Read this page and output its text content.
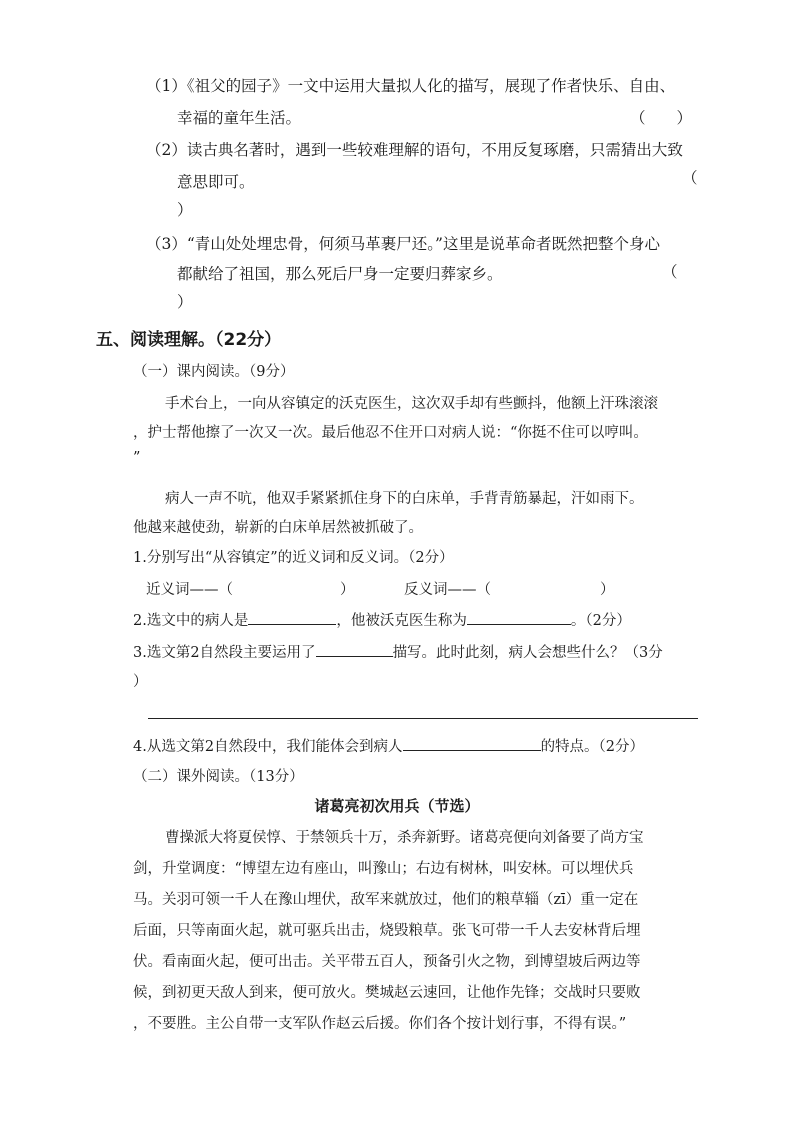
（1）《祖父的园子》一文中运用大量拟人化的描写，展现了作者快乐、自由、
幸福的童年生活。	（　　）
（2）读古典名著时，遇到一些较难理解的语句，不用反复琢磨，只需猜出大致
意思即可。	（
）
（3）“青山处处埋忠骨，何须马革裹尸还。”这里是说革命者既然把整个身心
都献给了祖国，那么死后尸身一定要归葬家乡。	（
）
五、阅读理解。（22分）
（一）课内阅读。（9分）
手术台上，一向从容镇定的沃克医生，这次双手却有些颤抖，他额上汗珠滚滚
，护士帮他擦了一次又一次。最后他忍不住开口对病人说：“你挺不住可以哼叫。
”
病人一声不吭，他双手紧紧抓住身下的白床单，手背青筋暴起，汗如雨下。
他越来越使劲，崭新的白床单居然被抓破了。
1.分别写出“从容镇定”的近义词和反义词。（2分）
近义词——（	）	反义词——（	）
2.选文中的病人是	，他被沃克医生称为	。（2分）
3.选文第2自然段主要运用了	描写。此时此刻，病人会想些什么？（3分
）
4.从选文第2自然段中，我们能体会到病人	的特点。（2分）
（二）课外阅读。（13分）
诸葛亮初次用兵（节选）
曹操派大将夏侯惇、于禁领兵十万，杀奔新野。诸葛亮便向刘备要了尚方宝
剑，升堂调度：“博望左边有座山，叫豫山；右边有树林，叫安林。可以埋伏兵
马。关羽可领一千人在豫山埋伏，敌军来就放过，他们的粮草辎（zī）重一定在
后面，只等南面火起，就可驱兵出击，烧毁粮草。张飞可带一千人去安林背后埋
伏。看南面火起，便可出击。关平带五百人，预备引火之物，到博望坡后两边等
候，到初更天敌人到来，便可放火。樊城赵云速回，让他作先锋；交战时只要败
，不要胜。主公自带一支军队作赵云后援。你们各个按计划行事，不得有误。”
